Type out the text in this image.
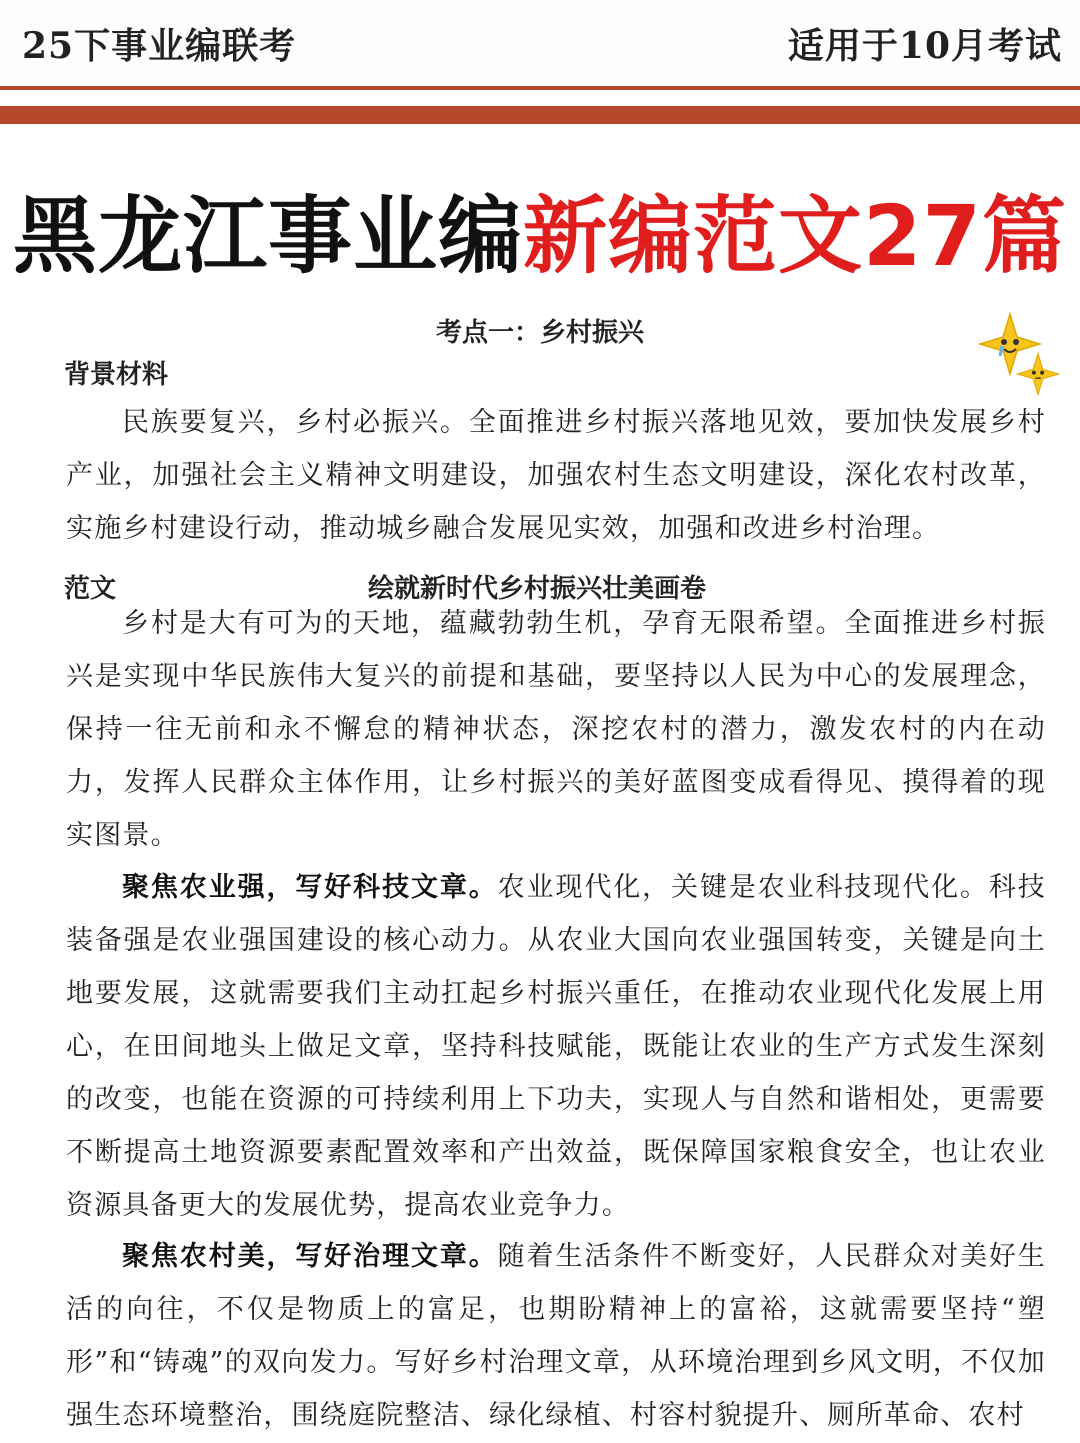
25下事业编联考	适用于10月考试
黑龙江事业编新编范文27篇
考点一：乡村振兴
背景材料

民族要复兴，乡村必振兴。全面推进乡村振兴落地见效，要加快发展乡村产业，加强社会主义精神文明建设，加强农村生态文明建设，深化农村改革，实施乡村建设行动，推动城乡融合发展见实效，加强和改进乡村治理。

范文	绘就新时代乡村振兴壮美画卷

乡村是大有可为的天地，蕴藏勃勃生机，孕育无限希望。全面推进乡村振兴是实现中华民族伟大复兴的前提和基础，要坚持以人民为中心的发展理念，保持一往无前和永不懈怠的精神状态，深挖农村的潜力，激发农村的内在动力，发挥人民群众主体作用，让乡村振兴的美好蓝图变成看得见、摸得着的现实图景。

聚焦农业强，写好科技文章。农业现代化，关键是农业科技现代化。科技装备强是农业强国建设的核心动力。从农业大国向农业强国转变，关键是向土地要发展，这就需要我们主动扛起乡村振兴重任，在推动农业现代化发展上用心，在田间地头上做足文章，坚持科技赋能，既能让农业的生产方式发生深刻的改变，也能在资源的可持续利用上下功夫，实现人与自然和谐相处，更需要不断提高土地资源要素配置效率和产出效益，既保障国家粮食安全，也让农业资源具备更大的发展优势，提高农业竞争力。

聚焦农村美，写好治理文章。随着生活条件不断变好，人民群众对美好生活的向往，不仅是物质上的富足，也期盼精神上的富裕，这就需要坚持“塑形”和“铸魂”的双向发力。写好乡村治理文章，从环境治理到乡风文明，不仅加强生态环境整治，围绕庭院整洁、绿化绿植、村容村貌提升、厕所革命、农村
